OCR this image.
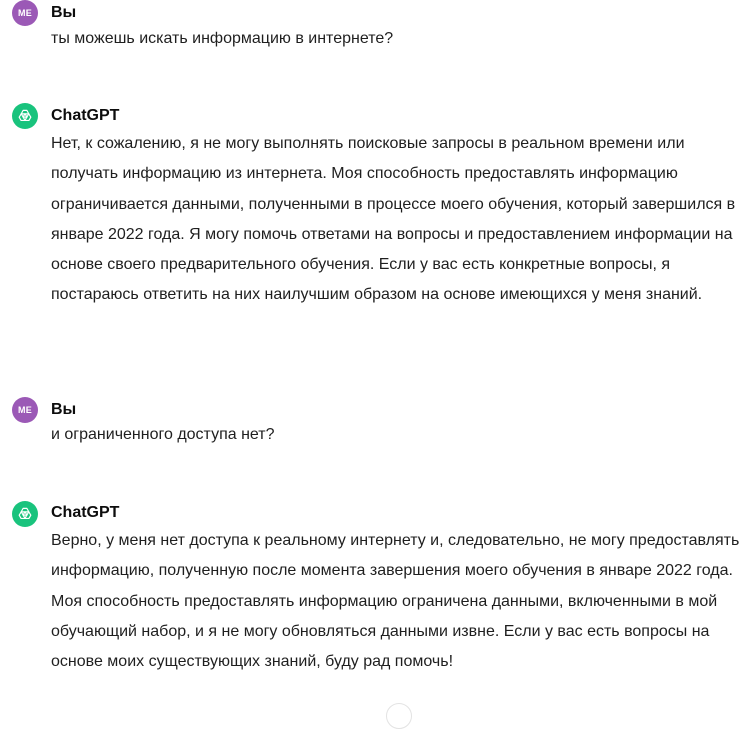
ME	Вы
ты можешь искать информацию в интернете?
ChatGPT
Нет, к сожалению, я не могу выполнять поисковые запросы в реальном времени или получать информацию из интернета. Моя способность предоставлять информацию ограничивается данными, полученными в процессе моего обучения, который завершился в январе 2022 года. Я могу помочь ответами на вопросы и предоставлением информации на основе своего предварительного обучения. Если у вас есть конкретные вопросы, я постараюсь ответить на них наилучшим образом на основе имеющихся у меня знаний.
ME	Вы
и ограниченного доступа нет?
ChatGPT
Верно, у меня нет доступа к реальному интернету и, следовательно, не могу предоставлять информацию, полученную после момента завершения моего обучения в январе 2022 года. Моя способность предоставлять информацию ограничена данными, включенными в мой обучающий набор, и я не могу обновляться данными извне. Если у вас есть вопросы на основе моих существующих знаний, буду рад помочь!
